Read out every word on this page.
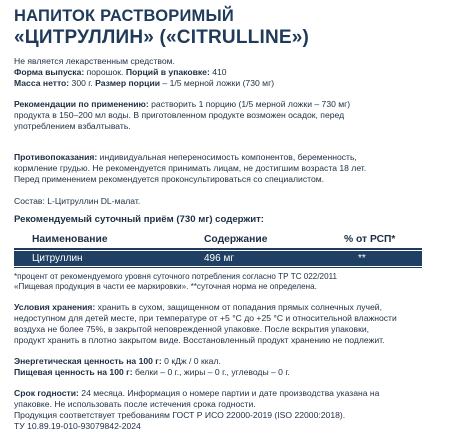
НАПИТОК РАСТВОРИМЫЙ
«ЦИТРУЛЛИН» («CITRULLINE»)
Не является лекарственным средством.
Форма выпуска: порошок. Порций в упаковке: 410
Масса нетто: 300 г. Размер порции – 1/5 мерной ложки (730 мг)
Рекомендации по применению: растворить 1 порцию (1/5 мерной ложки – 730 мг)
продукта в 150–200 мл воды. В приготовленном продукте возможен осадок, перед
употреблением взбалтывать.
Противопоказания: индивидуальная непереносимость компонентов, беременность,
кормление грудью. Не рекомендуется принимать лицам, не достигшим возраста 18 лет.
Перед применением рекомендуется проконсультироваться со специалистом.
Состав: L-Цитруллин DL-малат.
Рекомендуемый суточный приём (730 мг) содержит:
Наименование	Содержание	% от РСП*
Цитруллин	496 мг	**
*процент от рекомендуемого уровня суточного потребления согласно ТР ТС 022/2011
«Пищевая продукция в части ее маркировки». **суточная норма не определена.
Условия хранения: хранить в сухом, защищенном от попадания прямых солнечных лучей,
недоступном для детей месте, при температуре от +5 °С до +25 °С и относительной влажности
воздуха не более 75%, в закрытой неповрежденной упаковке. После вскрытия упаковки,
продукт хранить в плотно закрытом виде. Восстановленный продукт хранению не подлежит.
Энергетическая ценность на 100 г: 0 кДж / 0 ккал.
Пищевая ценность на 100 г: белки – 0 г., жиры – 0 г., углеводы – 0 г.
Срок годности: 24 месяца. Информация о номере партии и дате производства указана на
упаковке. Не использовать после истечения срока годности.
Продукция соответствует требованиям ГОСТ Р ИСО 22000-2019 (ISO 22000:2018).
ТУ 10.89.19-010-93079842-2024
